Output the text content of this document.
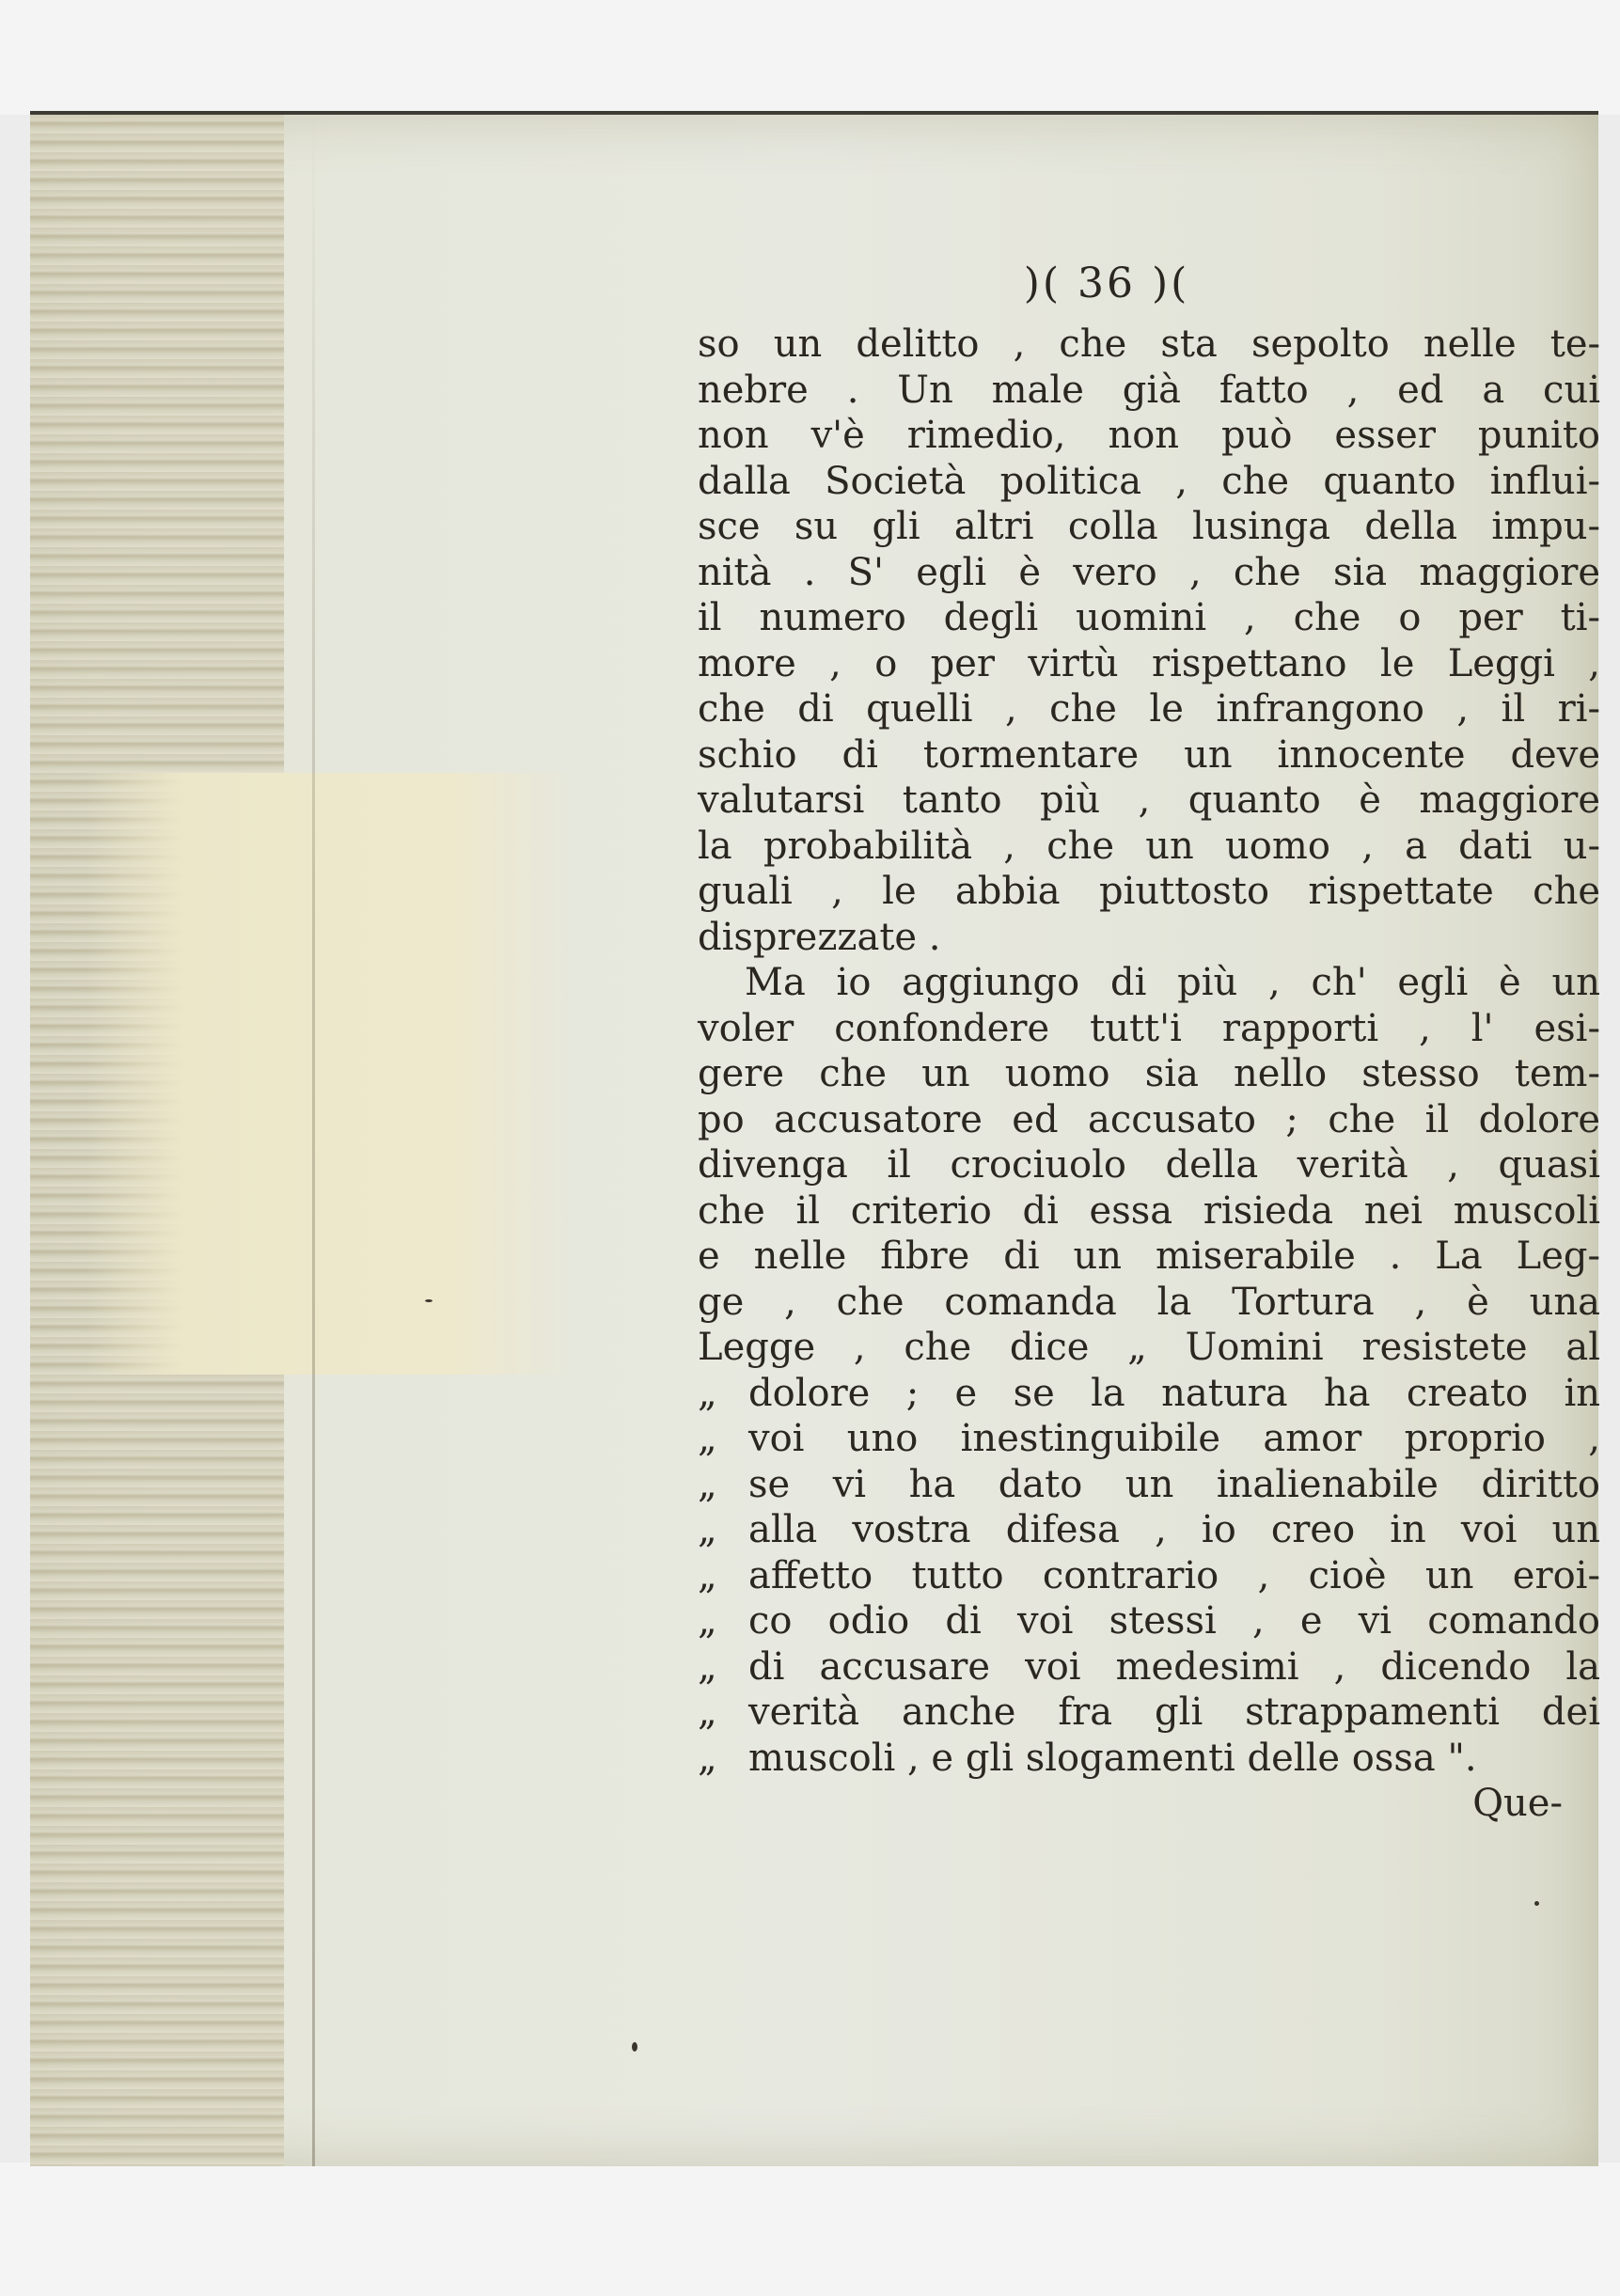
)( 36 )(
so un delitto , che sta sepolto nelle te-
nebre . Un male già fatto , ed a cui
non v'è rimedio, non può esser punito
dalla Società politica , che quanto influi-
sce su gli altri colla lusinga della impu-
nità . S' egli è vero , che sia maggiore
il numero degli uomini , che o per ti-
more , o per virtù rispettano le Leggi ,
che di quelli , che le infrangono , il ri-
schio di tormentare un innocente deve
valutarsi tanto più , quanto è maggiore
la probabilità , che un uomo , a dati u-
guali , le abbia piuttosto rispettate che
disprezzate .
Ma io aggiungo di più , ch' egli è un
voler confondere tutt'i rapporti , l' esi-
gere che un uomo sia nello stesso tem-
po accusatore ed accusato ; che il dolore
divenga il crociuolo della verità , quasi
che il criterio di essa risieda nei muscoli
e nelle fibre di un miserabile . La Leg-
ge , che comanda la Tortura , è una
Legge , che dice „ Uomini resistete al
„ dolore ; e se la natura ha creato in
„ voi uno inestinguibile amor proprio ,
„ se vi ha dato un inalienabile diritto
„ alla vostra difesa , io creo in voi un
„ affetto tutto contrario , cioè un eroi-
„ co odio di voi stessi , e vi comando
„ di accusare voi medesimi , dicendo la
„ verità anche fra gli strappamenti dei
„ muscoli , e gli slogamenti delle ossa ".
Que-
